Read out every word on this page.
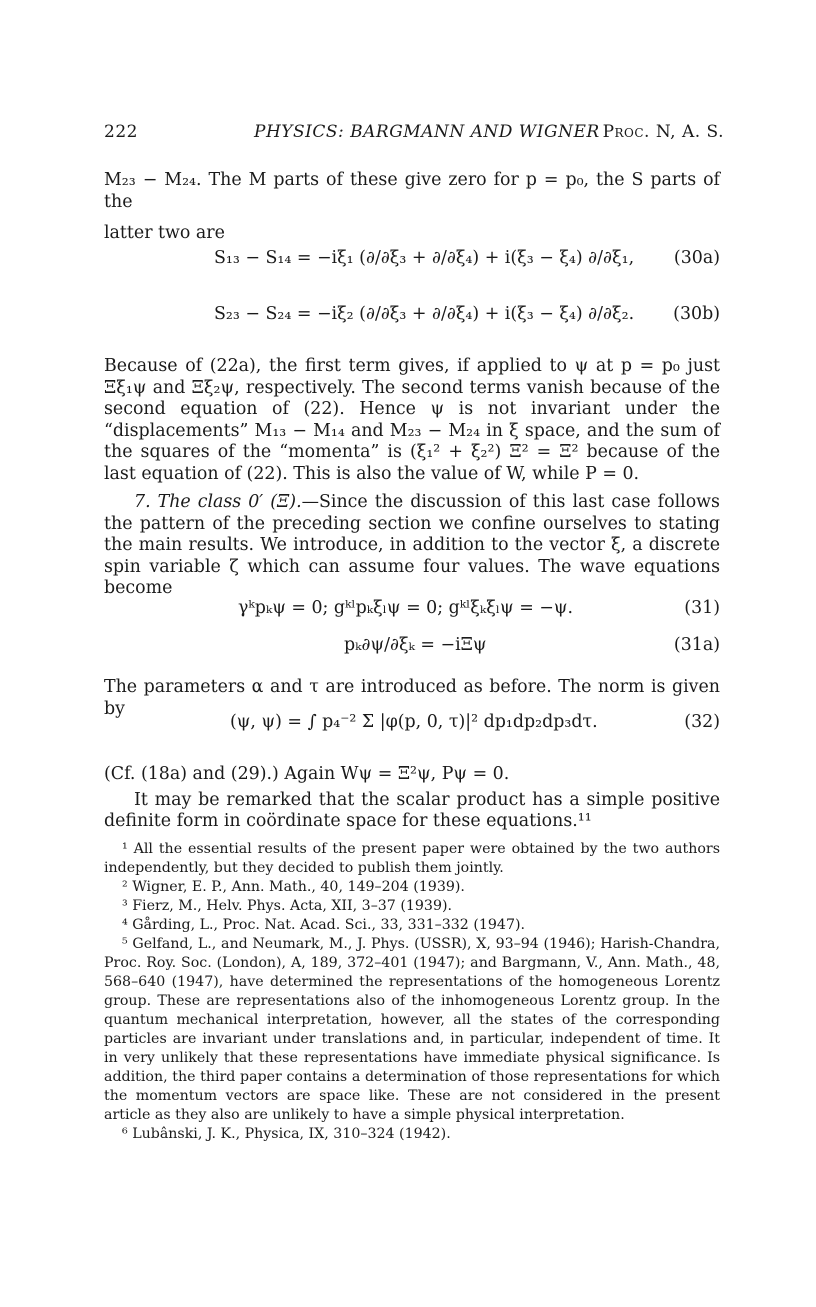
222	PHYSICS: BARGMANN AND WIGNER Proc. N, A. S.

M₂₃ − M₂₄. The M parts of these give zero for p = p₀, the S parts of the

latter two are

S₁₃ − S₁₄ = −iξ₁ (∂/∂ξ₃ + ∂/∂ξ₄) + i(ξ₃ − ξ₄) ∂/∂ξ₁, (30a)
S₂₃ − S₂₄ = −iξ₂ (∂/∂ξ₃ + ∂/∂ξ₄) + i(ξ₃ − ξ₄) ∂/∂ξ₂. (30b)

Because of (22a), the first term gives, if applied to ψ at p = p₀ just Ξξ₁ψ and Ξξ₂ψ, respectively. The second terms vanish because of the second equation of (22). Hence ψ is not invariant under the “displacements” M₁₃ − M₁₄ and M₂₃ − M₂₄ in ξ space, and the sum of the squares of the “momenta” is (ξ₁² + ξ₂²) Ξ² = Ξ² because of the last equation of (22). This is also the value of W, while P = 0.

7. The class 0′ (Ξ).—Since the discussion of this last case follows the pattern of the preceding section we confine ourselves to stating the main results. We introduce, in addition to the vector ξ, a discrete spin variable ζ which can assume four values. The wave equations become

γᵏpₖψ = 0; gᵏˡpₖξₗψ = 0; gᵏˡξₖξₗψ = −ψ.	(31)
pₖ∂ψ/∂ξₖ = −iΞψ	(31a)

The parameters α and τ are introduced as before. The norm is given by

(ψ, ψ) = ∫ p₄⁻² Σ |φ(p, 0, τ)|² dp₁dp₂dp₃dτ.	(32)

(Cf. (18a) and (29).) Again Wψ = Ξ²ψ, Pψ = 0.

It may be remarked that the scalar product has a simple positive definite form in coördinate space for these equations.¹¹

¹ All the essential results of the present paper were obtained by the two authors independently, but they decided to publish them jointly.

² Wigner, E. P., Ann. Math., 40, 149–204 (1939).

³ Fierz, M., Helv. Phys. Acta, XII, 3–37 (1939).

⁴ Gårding, L., Proc. Nat. Acad. Sci., 33, 331–332 (1947).

⁵ Gelfand, L., and Neumark, M., J. Phys. (USSR), X, 93–94 (1946); Harish-Chandra, Proc. Roy. Soc. (London), A, 189, 372–401 (1947); and Bargmann, V., Ann. Math., 48, 568–640 (1947), have determined the representations of the homogeneous Lorentz group. These are representations also of the inhomogeneous Lorentz group. In the quantum mechanical interpretation, however, all the states of the corresponding particles are invariant under translations and, in particular, independent of time. It in very unlikely that these representations have immediate physical significance. Is addition, the third paper contains a determination of those representations for which the momentum vectors are space like. These are not considered in the present article as they also are unlikely to have a simple physical interpretation.

⁶ Lubânski, J. K., Physica, IX, 310–324 (1942).
